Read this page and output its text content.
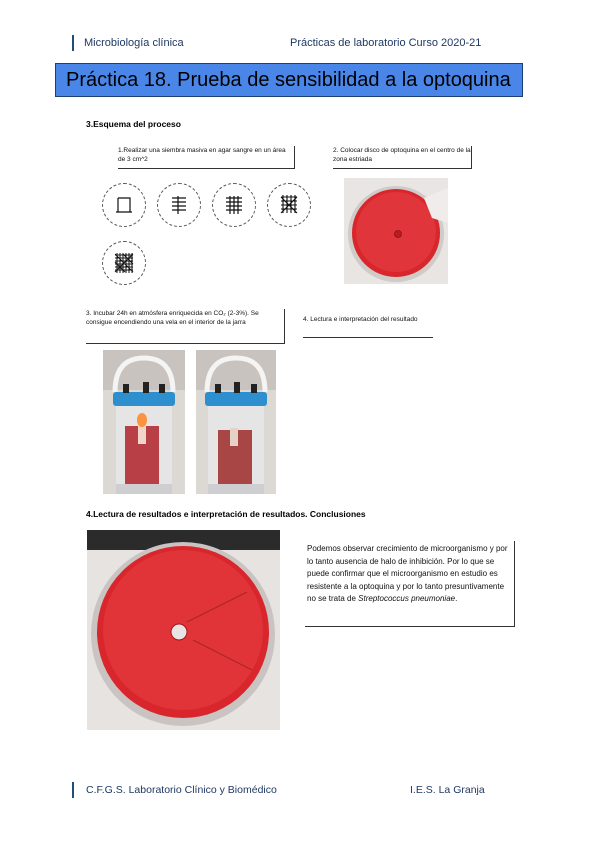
Microbiología clínica	Prácticas de laboratorio Curso 2020-21
Práctica 18. Prueba de sensibilidad a la optoquina
3.Esquema del proceso
1.Realizar una siembra masiva en agar sangre en un área de 3 cm^2
2. Colocar disco de optoquina en el centro de la zona estriada
3. Incubar 24h en atmósfera enriquecida en CO₂ (2-3%). Se consigue encendiendo una vela en el interior de la jarra	4. Lectura e interpretación del resultado
4.Lectura de resultados e interpretación de resultados. Conclusiones
Podemos observar crecimiento de microorganismo y por lo tanto ausencia de halo de inhibición. Por lo que se puede confirmar que el microorganismo en estudio es resistente a la optoquina y por lo tanto presuntivamente no se trata de Streptococcus pneumoniae.
C.F.G.S. Laboratorio Clínico y Biomédico	I.E.S. La Granja
